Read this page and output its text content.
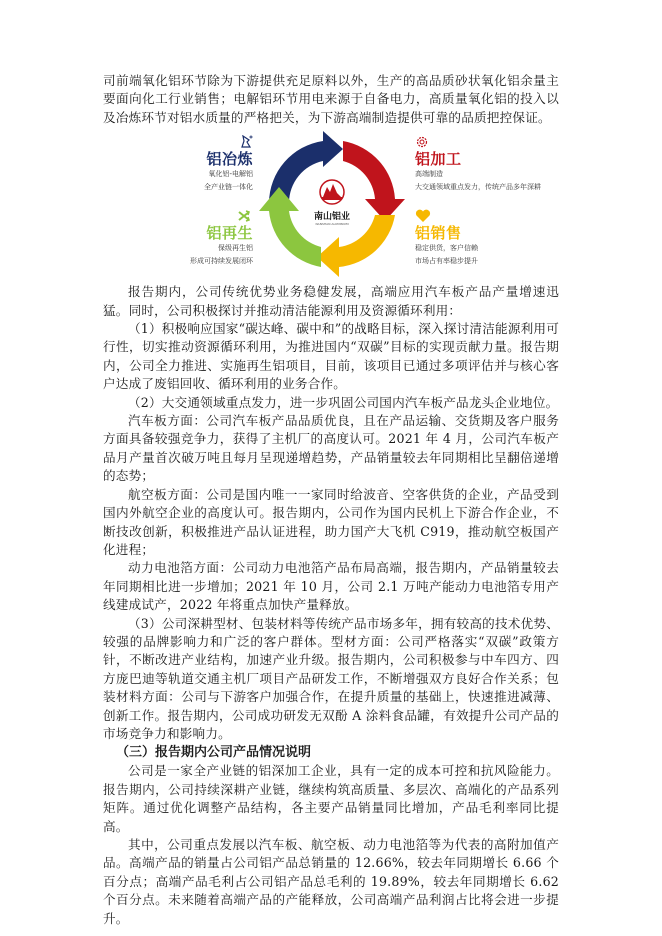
司前端氧化铝环节除为下游提供充足原料以外，生产的高品质砂状氧化铝余量主要面向化工行业销售；电解铝环节用电来源于自备电力，高质量氧化铝的投入以及冶炼环节对铝水质量的严格把关，为下游高端制造提供可靠的品质把控保证。

铝冶炼
氧化铝-电解铝
全产业链一体化
铝再生
保级再生铝
形成可持续发展闭环
南山铝业
NANSHAN ALUMINIUM
铝加工
高端制造
大交通领域重点发力，传统产品多年深耕
铝销售
稳定供货，客户信赖
市场占有率稳步提升

报告期内，公司传统优势业务稳健发展，高端应用汽车板产品产量增速迅猛。同时，公司积极探讨并推动清洁能源利用及资源循环利用：

（1）积极响应国家“碳达峰、碳中和”的战略目标，深入探讨清洁能源利用可行性，切实推动资源循环利用，为推进国内“双碳”目标的实现贡献力量。报告期内，公司全力推进、实施再生铝项目，目前，该项目已通过多项评估并与核心客户达成了废铝回收、循环利用的业务合作。

（2）大交通领域重点发力，进一步巩固公司国内汽车板产品龙头企业地位。

汽车板方面：公司汽车板产品品质优良，且在产品运输、交货期及客户服务方面具备较强竞争力，获得了主机厂的高度认可。2021 年 4 月，公司汽车板产品月产量首次破万吨且每月呈现递增趋势，产品销量较去年同期相比呈翻倍递增的态势；

航空板方面：公司是国内唯一一家同时给波音、空客供货的企业，产品受到国内外航空企业的高度认可。报告期内，公司作为国内民机上下游合作企业，不断技改创新，积极推进产品认证进程，助力国产大飞机 C919，推动航空板国产化进程；

动力电池箔方面：公司动力电池箔产品布局高端，报告期内，产品销量较去年同期相比进一步增加；2021 年 10 月，公司 2.1 万吨产能动力电池箔专用产线建成试产，2022 年将重点加快产量释放。

（3）公司深耕型材、包装材料等传统产品市场多年，拥有较高的技术优势、较强的品牌影响力和广泛的客户群体。型材方面：公司严格落实“双碳”政策方针，不断改进产业结构，加速产业升级。报告期内，公司积极参与中车四方、四方庞巴迪等轨道交通主机厂项目产品研发工作，不断增强双方良好合作关系；包装材料方面：公司与下游客户加强合作，在提升质量的基础上，快速推进减薄、创新工作。报告期内，公司成功研发无双酚 A 涂料食品罐，有效提升公司产品的市场竞争力和影响力。

（三）报告期内公司产品情况说明

公司是一家全产业链的铝深加工企业，具有一定的成本可控和抗风险能力。报告期内，公司持续深耕产业链，继续构筑高质量、多层次、高端化的产品系列矩阵。通过优化调整产品结构，各主要产品销量同比增加，产品毛利率同比提高。

其中，公司重点发展以汽车板、航空板、动力电池箔等为代表的高附加值产品。高端产品的销量占公司铝产品总销量的 12.66%，较去年同期增长 6.66 个百分点；高端产品毛利占公司铝产品总毛利的 19.89%，较去年同期增长 6.62 个百分点。未来随着高端产品的产能释放，公司高端产品利润占比将会进一步提升。
